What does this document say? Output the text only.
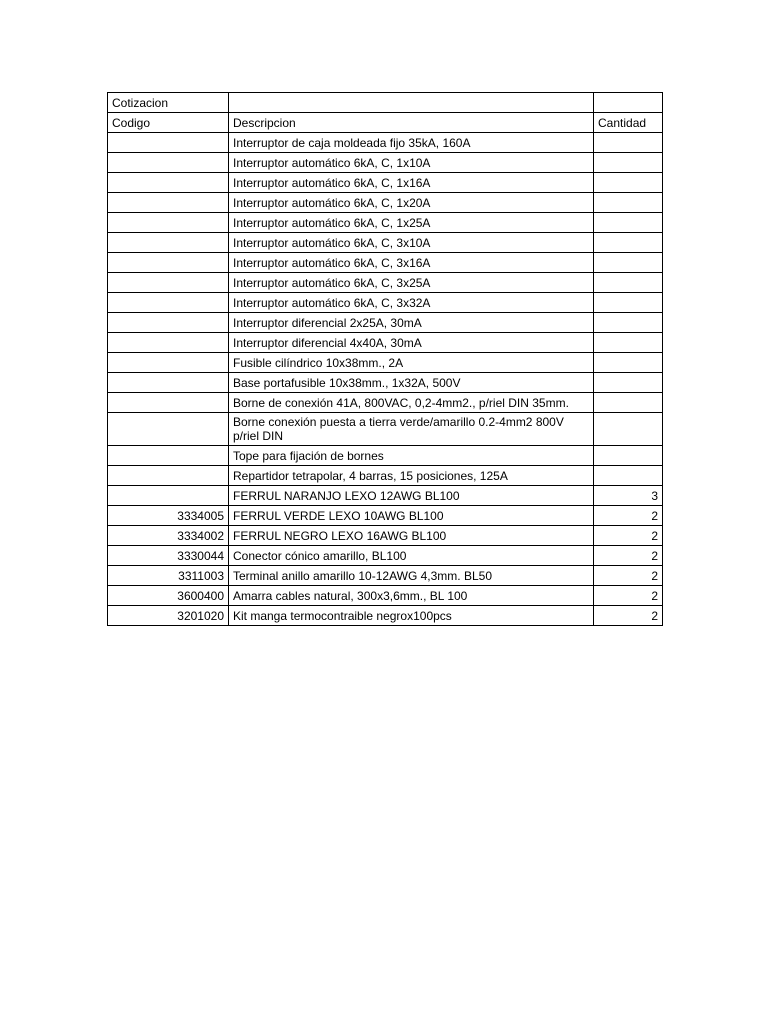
Cotizacion		
Codigo	Descripcion	Cantidad
	Interruptor de caja moldeada fijo 35kA, 160A	
	Interruptor automático 6kA, C, 1x10A	
	Interruptor automático 6kA, C, 1x16A	
	Interruptor automático 6kA, C, 1x20A	
	Interruptor automático 6kA, C, 1x25A	
	Interruptor automático 6kA, C, 3x10A	
	Interruptor automático 6kA, C, 3x16A	
	Interruptor automático 6kA, C, 3x25A	
	Interruptor automático 6kA, C, 3x32A	
	Interruptor diferencial 2x25A, 30mA	
	Interruptor diferencial 4x40A, 30mA	
	Fusible cilíndrico 10x38mm., 2A	
	Base portafusible 10x38mm., 1x32A, 500V	
	Borne de conexión 41A, 800VAC, 0,2-4mm2., p/riel DIN 35mm.	
	Borne conexión puesta a tierra verde/amarillo 0.2-4mm2 800V p/riel DIN	
	Tope para fijación de bornes	
	Repartidor tetrapolar, 4 barras, 15 posiciones, 125A	
	FERRUL NARANJO LEXO 12AWG BL100	3
3334005	FERRUL VERDE LEXO 10AWG BL100	2
3334002	FERRUL NEGRO LEXO 16AWG BL100	2
3330044	Conector cónico amarillo, BL100	2
3311003	Terminal anillo amarillo 10-12AWG 4,3mm. BL50	2
3600400	Amarra cables natural, 300x3,6mm., BL 100	2
3201020	Kit manga termocontraible negrox100pcs	2
